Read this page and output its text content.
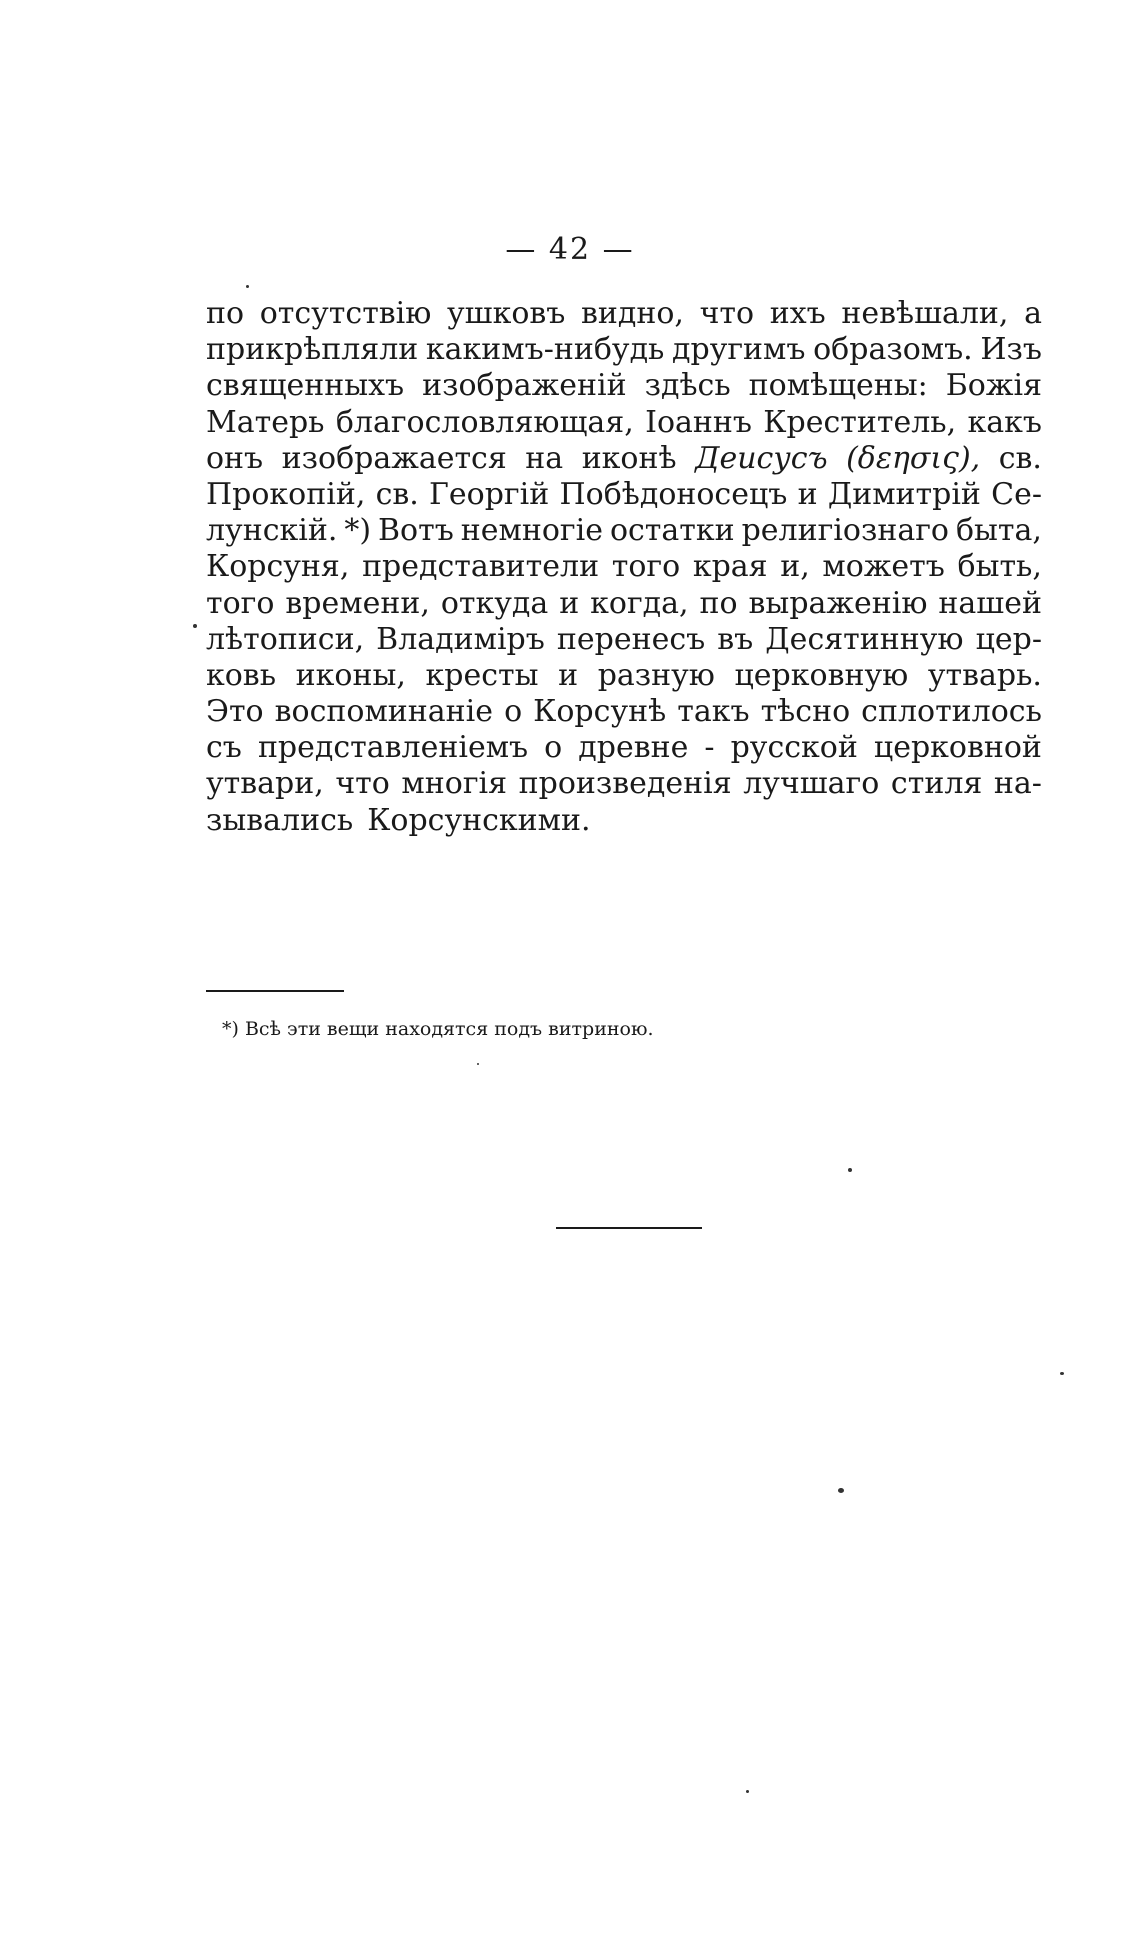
— 42 —
по отсутствію ушковъ видно, что ихъ невѣшали, а
прикрѣпляли какимъ-нибудь другимъ образомъ. Изъ
священныхъ изображеній здѣсь помѣщены: Божія
Матерь благословляющая, Іоаннъ Креститель, какъ
онъ изображается на иконѣ Деисусъ (δεησις), св.
Прокопій, св. Георгій Побѣдоносецъ и Димитрій Се-
лунскій. *) Вотъ немногіе остатки религіознаго быта,
Корсуня, представители того края и, можетъ быть,
того времени, откуда и когда, по выраженію нашей
лѣтописи, Владиміръ перенесъ въ Десятинную цер-
ковь иконы, кресты и разную церковную утварь.
Это воспоминаніе о Корсунѣ такъ тѣсно сплотилось
съ представленіемъ о древне - русской церковной
утвари, что многія произведенія лучшаго стиля на-
зывались Корсунскими.
*) Всѣ эти вещи находятся подъ витриною.
